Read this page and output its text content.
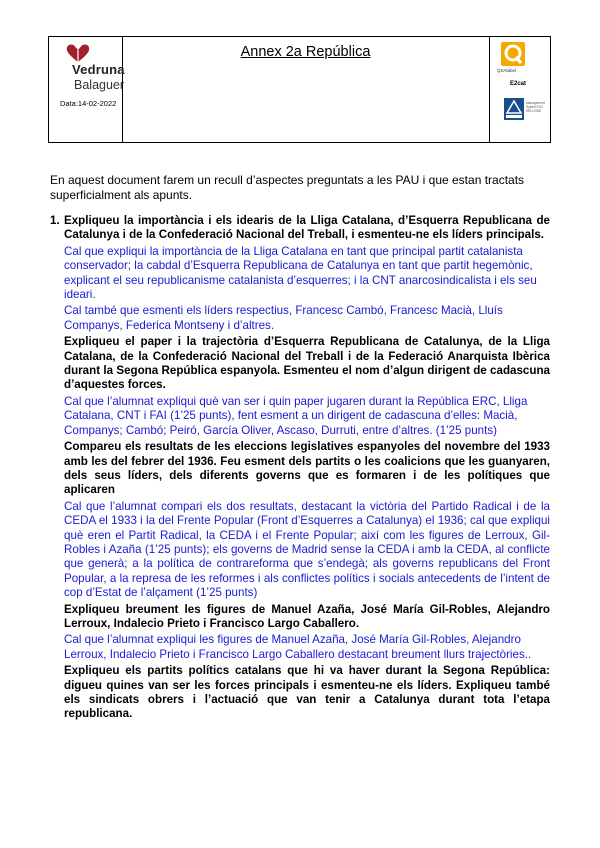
Vedruna
Balaguer
Data:14-02-2022
Annex 2a República
QSAlabel
E2cat
Management System ISO 9001:2008
En aquest document farem un recull d’aspectes preguntats a les PAU i que estan tractats superficialment als apunts.
1. Expliqueu la importància i els idearis de la Lliga Catalana, d’Esquerra Republicana de Catalunya i de la Confederació Nacional del Treball, i esmenteu-ne els líders principals.
Cal que expliqui la importància de la Lliga Catalana en tant que principal partit catalanista conservador; la cabdal d’Esquerra Republicana de Catalunya en tant que partit hegemònic, explicant el seu republicanisme catalanista d’esquerres; i la CNT anarcosindicalista i els seu ideari.
Cal també que esmenti els líders respectius, Francesc Cambó, Francesc Macià, Lluís Companys, Federica Montseny i d’altres.
Expliqueu el paper i la trajectòria d’Esquerra Republicana de Catalunya, de la Lliga Catalana, de la Confederació Nacional del Treball i de la Federació Anarquista Ibèrica durant la Segona República espanyola. Esmenteu el nom d’algun dirigent de cadascuna d’aquestes forces.
Cal que l’alumnat expliqui què van ser i quin paper jugaren durant la República ERC, Lliga Catalana, CNT i FAI (1’25 punts), fent esment a un dirigent de cadascuna d’elles: Macià, Companys; Cambó; Peiró, García Oliver, Ascaso, Durruti, entre d’altres. (1’25 punts)
Compareu els resultats de les eleccions legislatives espanyoles del novembre del 1933 amb les del febrer del 1936. Feu esment dels partits o les coalicions que les guanyaren, dels seus líders, dels diferents governs que es formaren i de les polítiques que aplicaren
Cal que l’alumnat compari els dos resultats, destacant la victòria del Partido Radical i de la CEDA el 1933 i la del Frente Popular (Front d’Esquerres a Catalunya) el 1936; cal que expliqui què eren el Partit Radical, la CEDA i el Frente Popular; així com les figures de Lerroux, Gil-Robles i Azaña (1’25 punts); els governs de Madrid sense la CEDA i amb la CEDA, al conflicte que generà; a la política de contrareforma que s’endegà; als governs republicans del Front Popular, a la represa de les reformes i als conflictes polítics i socials antecedents de l’intent de cop d’Estat de l’alçament (1’25 punts)
Expliqueu breument les figures de Manuel Azaña, José María Gil-Robles, Alejandro Lerroux, Indalecio Prieto i Francisco Largo Caballero.
Cal que l’alumnat expliqui les figures de Manuel Azaña, José María Gil-Robles, Alejandro Lerroux, Indalecio Prieto i Francisco Largo Caballero destacant breument llurs trajectòries..
Expliqueu els partits polítics catalans que hi va haver durant la Segona República: digueu quines van ser les forces principals i esmenteu-ne els líders. Expliqueu també els sindicats obrers i l’actuació que van tenir a Catalunya durant tota l’etapa republicana.
